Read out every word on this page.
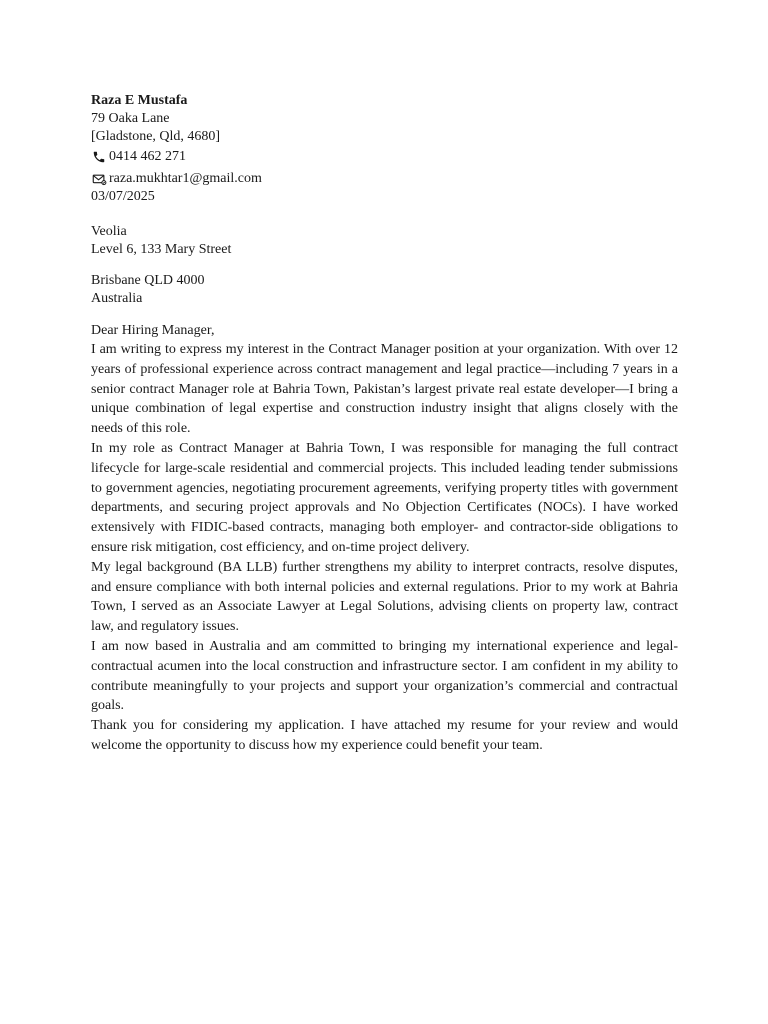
Raza E Mustafa
79 Oaka Lane
[Gladstone, Qld, 4680]
0414 462 271
raza.mukhtar1@gmail.com
03/07/2025
Veolia
Level 6, 133 Mary Street
Brisbane QLD 4000
Australia
Dear Hiring Manager,

I am writing to express my interest in the Contract Manager position at your organization. With over 12 years of professional experience across contract management and legal practice—including 7 years in a senior contract Manager role at Bahria Town, Pakistan’s largest private real estate developer—I bring a unique combination of legal expertise and construction industry insight that aligns closely with the needs of this role.

In my role as Contract Manager at Bahria Town, I was responsible for managing the full contract lifecycle for large-scale residential and commercial projects. This included leading tender submissions to government agencies, negotiating procurement agreements, verifying property titles with government departments, and securing project approvals and No Objection Certificates (NOCs). I have worked extensively with FIDIC-based contracts, managing both employer- and contractor-side obligations to ensure risk mitigation, cost efficiency, and on-time project delivery.

My legal background (BA LLB) further strengthens my ability to interpret contracts, resolve disputes, and ensure compliance with both internal policies and external regulations. Prior to my work at Bahria Town, I served as an Associate Lawyer at Legal Solutions, advising clients on property law, contract law, and regulatory issues.

I am now based in Australia and am committed to bringing my international experience and legal-contractual acumen into the local construction and infrastructure sector. I am confident in my ability to contribute meaningfully to your projects and support your organization’s commercial and contractual goals.

Thank you for considering my application. I have attached my resume for your review and would welcome the opportunity to discuss how my experience could benefit your team.
